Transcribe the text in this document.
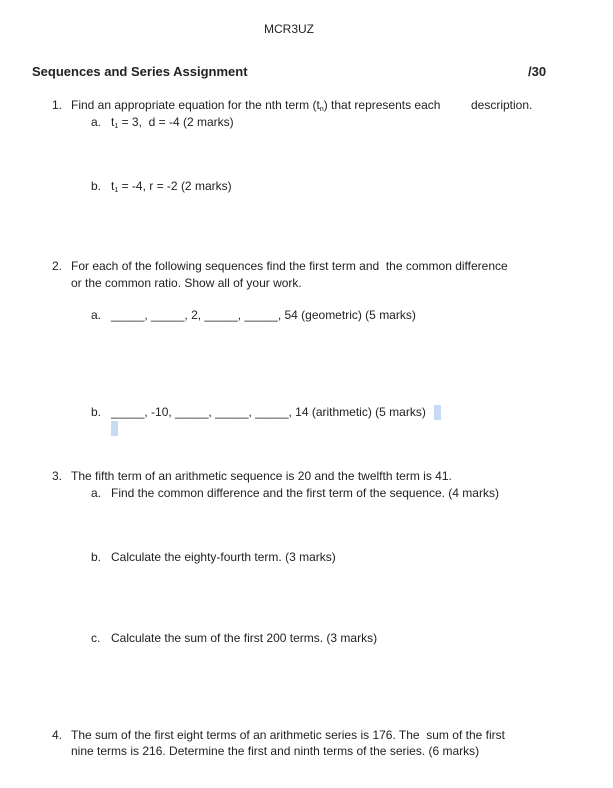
MCR3UZ
Sequences and Series Assignment	/30
1. Find an appropriate equation for the nth term $(t_n)$ that represents each	description.
a. $t_1 = 3$,  d = -4 (2 marks)
b. $t_1 = -4$, r = -2 (2 marks)
2. For each of the following sequences find the first term and  the common difference
or the common ratio. Show all of your work.
a. _____, _____, 2, _____, _____, 54 (geometric) (5 marks)
b. _____, -10, _____, _____, _____, 14 (arithmetic) (5 marks)
3. The fifth term of an arithmetic sequence is 20 and the twelfth term is 41.
a. Find the common difference and the first term of the sequence. (4 marks)
b. Calculate the eighty-fourth term. (3 marks)
c. Calculate the sum of the first 200 terms. (3 marks)
4. The sum of the first eight terms of an arithmetic series is 176. The  sum of the first
nine terms is 216. Determine the first and ninth terms of the series. (6 marks)
